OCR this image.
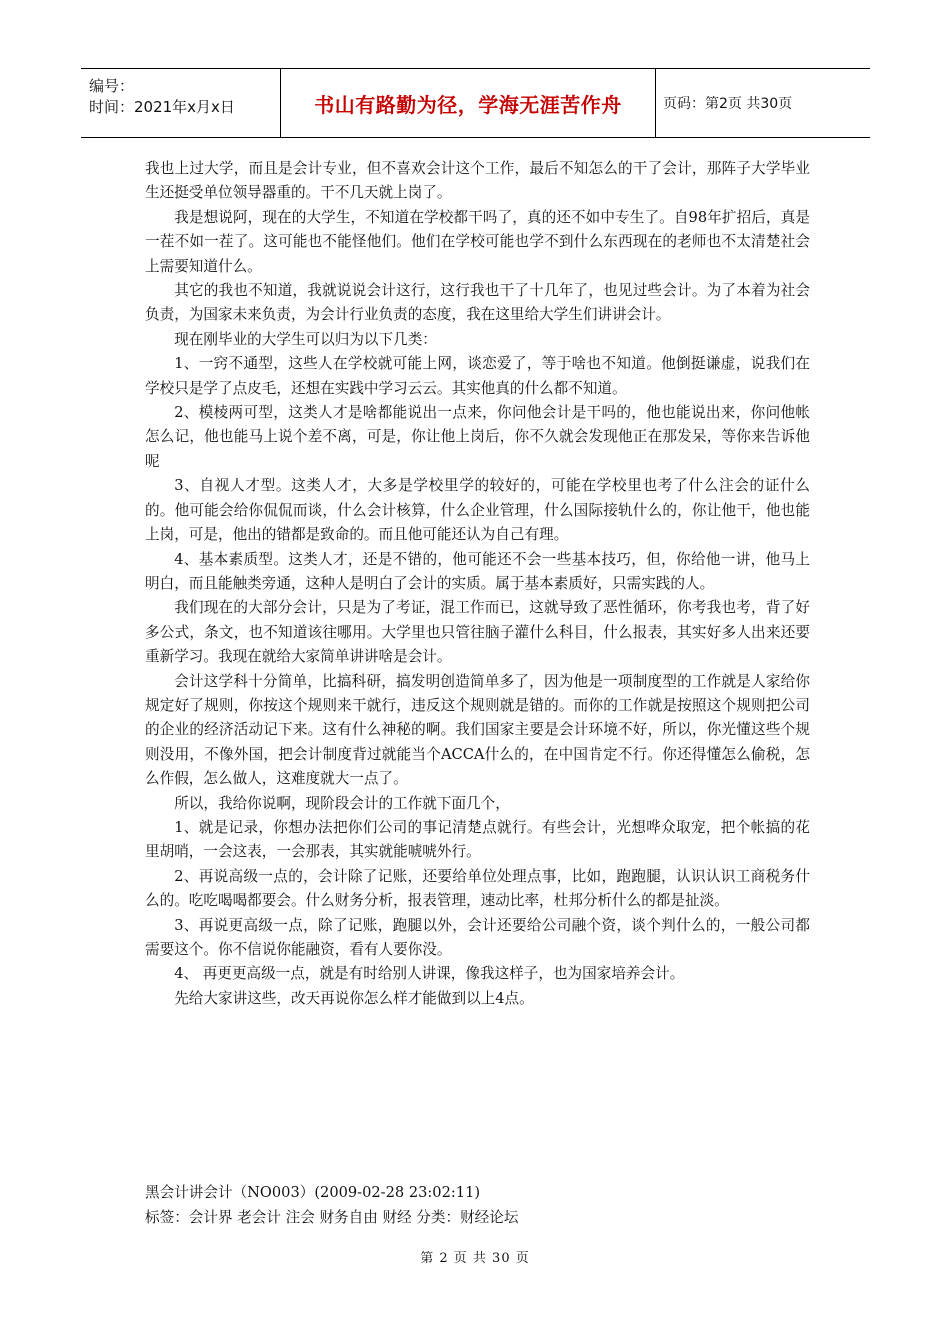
编号：
时间：2021年x月x日	书山有路勤为径，学海无涯苦作舟	页码：第2页 共30页

我也上过大学，而且是会计专业，但不喜欢会计这个工作，最后不知怎么的干了会计，那阵子大学毕业生还挺受单位领导器重的。干不几天就上岗了。

我是想说阿，现在的大学生，不知道在学校都干吗了，真的还不如中专生了。自98年扩招后，真是一茬不如一茬了。这可能也不能怪他们。他们在学校可能也学不到什么东西现在的老师也不太清楚社会上需要知道什么。

其它的我也不知道，我就说说会计这行，这行我也干了十几年了，也见过些会计。为了本着为社会负责，为国家未来负责，为会计行业负责的态度，我在这里给大学生们讲讲会计。

现在刚毕业的大学生可以归为以下几类：

1、一窍不通型，这些人在学校就可能上网，谈恋爱了，等于啥也不知道。他倒挺谦虚，说我们在学校只是学了点皮毛，还想在实践中学习云云。其实他真的什么都不知道。

2、模棱两可型，这类人才是啥都能说出一点来，你问他会计是干吗的，他也能说出来，你问他帐怎么记，他也能马上说个差不离，可是，你让他上岗后，你不久就会发现他正在那发呆，等你来告诉他呢

3、自视人才型。这类人才，大多是学校里学的较好的，可能在学校里也考了什么注会的证什么的。他可能会给你侃侃而谈，什么会计核算，什么企业管理，什么国际接轨什么的，你让他干，他也能上岗，可是，他出的错都是致命的。而且他可能还认为自己有理。

4、基本素质型。这类人才，还是不错的，他可能还不会一些基本技巧，但，你给他一讲，他马上明白，而且能触类旁通，这种人是明白了会计的实质。属于基本素质好，只需实践的人。

我们现在的大部分会计，只是为了考证，混工作而已，这就导致了恶性循环，你考我也考，背了好多公式，条文，也不知道该往哪用。大学里也只管往脑子灌什么科目，什么报表，其实好多人出来还要重新学习。我现在就给大家简单讲讲啥是会计。

会计这学科十分简单，比搞科研，搞发明创造简单多了，因为他是一项制度型的工作就是人家给你规定好了规则，你按这个规则来干就行，违反这个规则就是错的。而你的工作就是按照这个规则把公司的企业的经济活动记下来。这有什么神秘的啊。我们国家主要是会计环境不好，所以，你光懂这些个规则没用，不像外国，把会计制度背过就能当个ACCA什么的，在中国肯定不行。你还得懂怎么偷税，怎么作假，怎么做人，这难度就大一点了。

所以，我给你说啊，现阶段会计的工作就下面几个，

1、就是记录，你想办法把你们公司的事记清楚点就行。有些会计，光想哗众取宠，把个帐搞的花里胡哨，一会这表，一会那表，其实就能唬唬外行。

2、再说高级一点的，会计除了记账，还要给单位处理点事，比如，跑跑腿，认识认识工商税务什么的。吃吃喝喝都要会。什么财务分析，报表管理，速动比率，杜邦分析什么的都是扯淡。

3、再说更高级一点，除了记账，跑腿以外，会计还要给公司融个资，谈个判什么的，一般公司都需要这个。你不信说你能融资，看有人要你没。

4、 再更更高级一点，就是有时给别人讲课，像我这样子，也为国家培养会计。

先给大家讲这些，改天再说你怎么样才能做到以上4点。

黑会计讲会计（NO003）(2009-02-28 23:02:11)

标签：会计界 老会计 注会 财务自由 财经 分类：财经论坛

第 2 页 共 30 页
